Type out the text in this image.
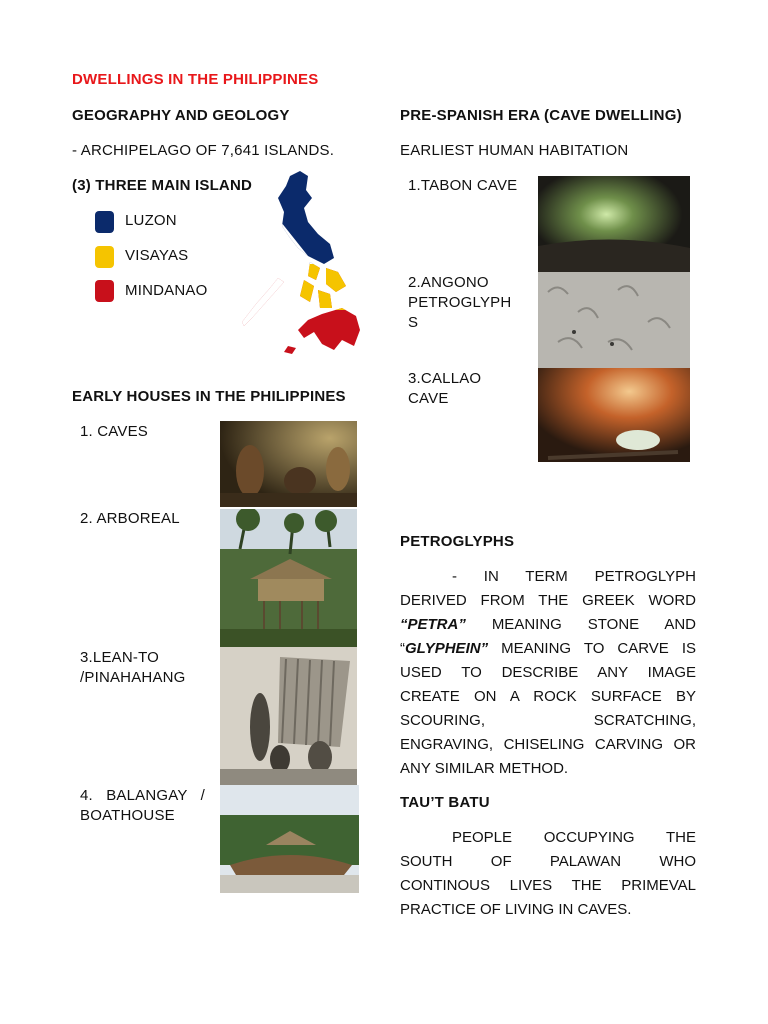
DWELLINGS IN THE PHILIPPINES
GEOGRAPHY AND GEOLOGY
- ARCHIPELAGO OF 7,641 ISLANDS.
(3) THREE MAIN ISLAND
LUZON
VISAYAS
MINDANAO
EARLY HOUSES IN THE PHILIPPINES
1. CAVES
2. ARBOREAL
3.LEAN-TO
/PINAHAHANG
4. BALANGAY /
BOATHOUSE
PRE-SPANISH ERA (CAVE DWELLING)
EARLIEST HUMAN HABITATION
1.TABON CAVE
2.ANGONO
PETROGLYPH
S
3.CALLAO
CAVE
PETROGLYPHS
- IN TERM PETROGLYPH
DERIVED FROM THE GREEK WORD
“PETRA” MEANING STONE AND
“GLYPHEIN” MEANING TO CARVE IS
USED TO DESCRIBE ANY IMAGE
CREATE ON A ROCK SURFACE BY
SCOURING, SCRATCHING,
ENGRAVING, CHISELING CARVING OR
ANY SIMILAR METHOD.
TAU’T BATU
PEOPLE OCCUPYING THE
SOUTH OF PALAWAN WHO
CONTINOUS LIVES THE PRIMEVAL
PRACTICE OF LIVING IN CAVES.
